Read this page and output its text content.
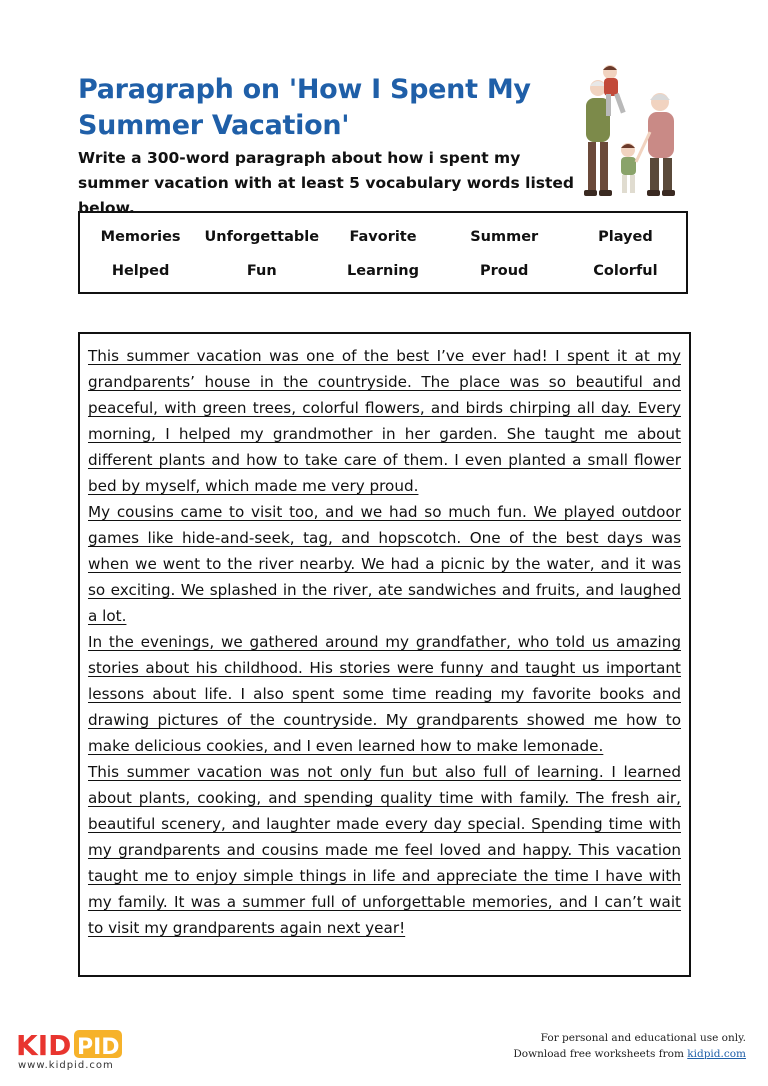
Paragraph on 'How I Spent My Summer Vacation'
Write a 300-word paragraph about how i spent my summer vacation with at least 5 vocabulary words listed below.
Memories	Unforgettable	Favorite	Summer	Played
Helped	Fun	Learning	Proud	Colorful

This summer vacation was one of the best I’ve ever had! I spent it at my grandparents’ house in the countryside. The place was so beautiful and peaceful, with green trees, colorful flowers, and birds chirping all day. Every morning, I helped my grandmother in her garden. She taught me about different plants and how to take care of them. I even planted a small flower bed by myself, which made me very proud.

My cousins came to visit too, and we had so much fun. We played outdoor games like hide-and-seek, tag, and hopscotch. One of the best days was when we went to the river nearby. We had a picnic by the water, and it was so exciting. We splashed in the river, ate sandwiches and fruits, and laughed a lot.

In the evenings, we gathered around my grandfather, who told us amazing stories about his childhood. His stories were funny and taught us important lessons about life. I also spent some time reading my favorite books and drawing pictures of the countryside. My grandparents showed me how to make delicious cookies, and I even learned how to make lemonade.

This summer vacation was not only fun but also full of learning. I learned about plants, cooking, and spending quality time with family. The fresh air, beautiful scenery, and laughter made every day special. Spending time with my grandparents and cousins made me feel loved and happy. This vacation taught me to enjoy simple things in life and appreciate the time I have with my family. It was a summer full of unforgettable memories, and I can’t wait to visit my grandparents again next year!

KID PID
www.kidpid.com
For personal and educational use only.
Download free worksheets from kidpid.com
